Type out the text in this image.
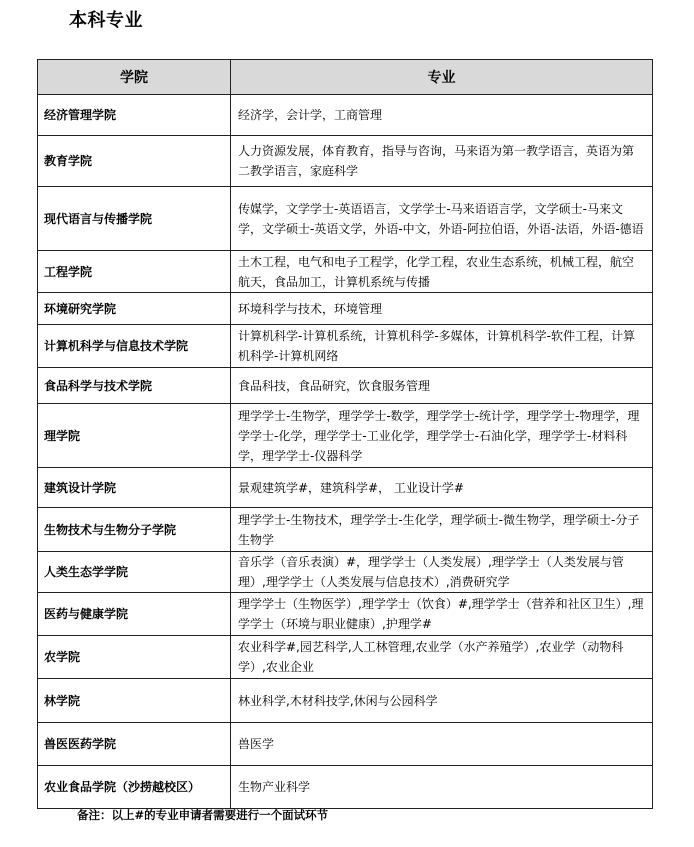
本科专业
学院	专业
经济管理学院	经济学，会计学，工商管理
教育学院	人力资源发展，体育教育，指导与咨询，马来语为第一教学语言，英语为第二教学语言，家庭科学
现代语言与传播学院	传媒学，文学学士-英语语言，文学学士-马来语语言学，文学硕士-马来文学，文学硕士-英语文学，外语-中文，外语-阿拉伯语，外语-法语，外语-德语
工程学院	土木工程，电气和电子工程学，化学工程，农业生态系统，机械工程，航空航天，食品加工，计算机系统与传播
环境研究学院	环境科学与技术，环境管理
计算机科学与信息技术学院	计算机科学-计算机系统，计算机科学-多媒体，计算机科学-软件工程，计算机科学-计算机网络
食品科学与技术学院	食品科技，食品研究，饮食服务管理
理学院	理学学士-生物学，理学学士-数学，理学学士-统计学，理学学士-物理学，理学学士-化学，理学学士-工业化学，理学学士-石油化学，理学学士-材料科学，理学学士-仪器科学
建筑设计学院	景观建筑学#，建筑科学#， 工业设计学#
生物技术与生物分子学院	理学学士-生物技术，理学学士-生化学，理学硕士-微生物学，理学硕士-分子生物学
人类生态学学院	音乐学（音乐表演）#，理学学士（人类发展）,理学学士（人类发展与管理）,理学学士（人类发展与信息技术）,消费研究学
医药与健康学院	理学学士（生物医学）,理学学士（饮食）#,理学学士（营养和社区卫生）,理学学士（环境与职业健康）,护理学#
农学院	农业科学#,园艺科学,人工林管理,农业学（水产养殖学）,农业学（动物科学）,农业企业
林学院	林业科学,木材科技学,休闲与公园科学
兽医医药学院	兽医学
农业食品学院（沙捞越校区）	生物产业科学
备注：以上#的专业申请者需要进行一个面试环节
